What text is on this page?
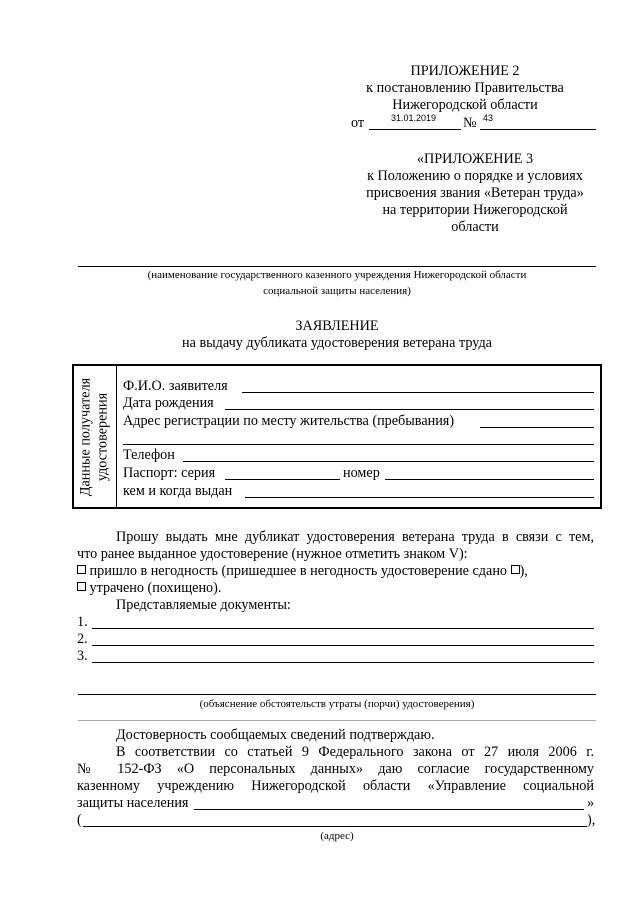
ПРИЛОЖЕНИЕ 2
к постановлению Правительства
Нижегородской области
от	31.01.2019 № 43
«ПРИЛОЖЕНИЕ 3
к Положению о порядке и условиях
присвоения звания «Ветеран труда»
на территории Нижегородской
области
(наименование государственного казенного учреждения Нижегородской области
социальной защиты населения)
ЗАЯВЛЕНИЕ
на выдачу дубликата удостоверения ветерана труда
Данные получателя удостоверения
Ф.И.О. заявителя
Дата рождения
Адрес регистрации по месту жительства (пребывания)
Телефон
Паспорт: серия	номер
кем и когда выдан
Прошу выдать мне дубликат удостоверения ветерана труда в связи с тем,
что ранее выданное удостоверение (нужное отметить знаком V):
пришло в негодность (пришедшее в негодность удостоверение сдано ),
утрачено (похищено).
Представляемые документы:
1.
2.
3.
(объяснение обстоятельств утраты (порчи) удостоверения)
Достоверность сообщаемых сведений подтверждаю.
В соответствии со статьей 9 Федерального закона от 27 июля 2006 г.
№ 152-ФЗ «О персональных данных» даю согласие государственному
казенному учреждению Нижегородской области «Управление социальной
защиты населения	»
(	),
(адрес)
